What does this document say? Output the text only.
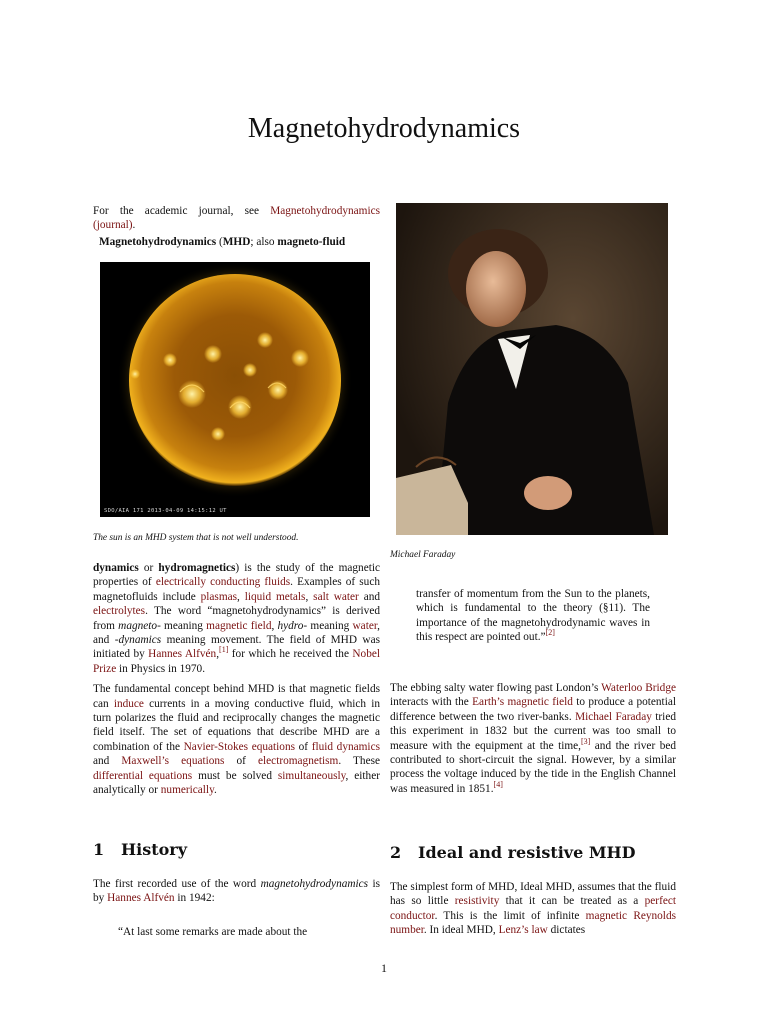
Magnetohydrodynamics
For the academic journal, see Magnetohydrodynamics (journal).
Magnetohydrodynamics (MHD; also magneto-fluid
SDO/AIA 171 2013-04-09 14:15:12 UT
The sun is an MHD system that is not well understood.
Michael Faraday

dynamics or hydromagnetics) is the study of the magnetic properties of electrically conducting fluids. Examples of such magnetofluids include plasmas, liquid metals, salt water and electrolytes. The word “magnetohydrodynamics” is derived from magneto- meaning magnetic field, hydro- meaning water, and -dynamics meaning movement. The field of MHD was initiated by Hannes Alfvén,[1] for which he received the Nobel Prize in Physics in 1970.

The fundamental concept behind MHD is that magnetic fields can induce currents in a moving conductive fluid, which in turn polarizes the fluid and reciprocally changes the magnetic field itself. The set of equations that describe MHD are a combination of the Navier-Stokes equations of fluid dynamics and Maxwell’s equations of electromagnetism. These differential equations must be solved simultaneously, either analytically or numerically.

1 History
The first recorded use of the word magnetohydrodynamics is by Hannes Alfvén in 1942:
“At last some remarks are made about the
transfer of momentum from the Sun to the planets, which is fundamental to the theory (§11). The importance of the magnetohydrodynamic waves in this respect are pointed out.”[2]
The ebbing salty water flowing past London’s Waterloo Bridge interacts with the Earth’s magnetic field to produce a potential difference between the two river-banks. Michael Faraday tried this experiment in 1832 but the current was too small to measure with the equipment at the time,[3] and the river bed contributed to short-circuit the signal. However, by a similar process the voltage induced by the tide in the English Channel was measured in 1851.[4]
2 Ideal and resistive MHD
The simplest form of MHD, Ideal MHD, assumes that the fluid has so little resistivity that it can be treated as a perfect conductor. This is the limit of infinite magnetic Reynolds number. In ideal MHD, Lenz’s law dictates
1
